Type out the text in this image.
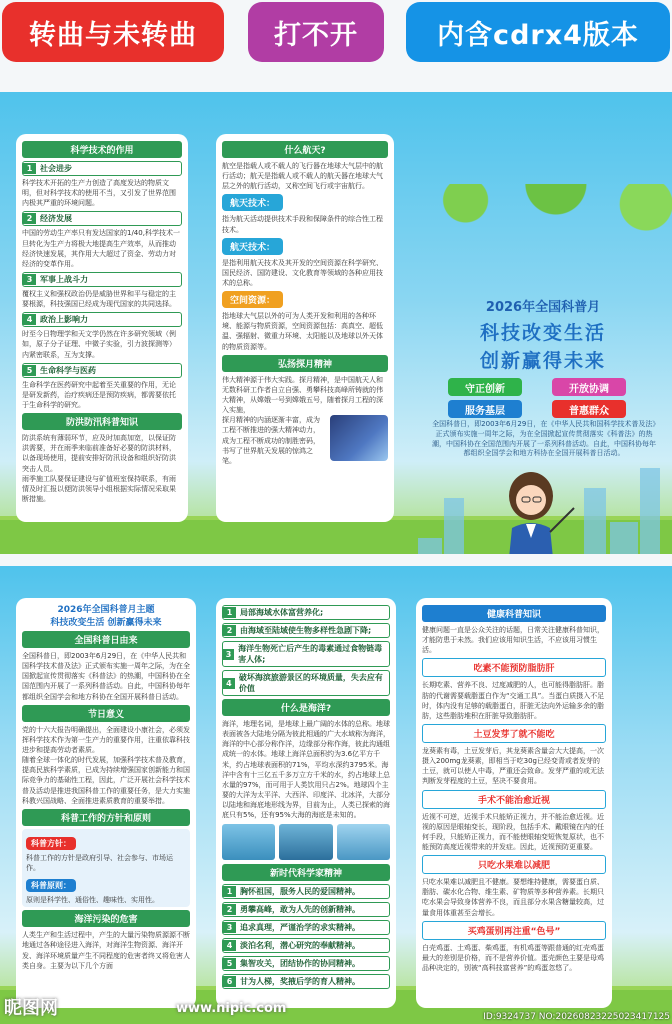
转曲与未转曲	打不开	内含cdrx4版本
科学技术的作用
1 社会进步
科学技术开拓的生产力创造了高度发达的物质文明，但对科学技术的使用不当，又引发了世界范围内极其严重的环境问题。
2 经济发展
中国的劳动生产率只有发达国家的1/40,科学技术一旦转化为生产力将极大地提高生产效率，从而推动经济快速发展，其作用大大超过了资金、劳动力对经济的变革作用。
3 军事上战斗力
覆权主义和强权政治仍是威胁世界和平与稳定的主要根源，科技强国已经成为现代国家的共同选择。
4 政治上影响力
时至今日物理学和天文学仍然在许多研究领域（例如，原子分子证理、中微子实验，引力波探测等）内紧密联系，互为支撑。
5 生命科学与医药
生命科学在医药研究中起着至关重要的作用，无论是研发新药，治疗疾病还是预防疾病，都需要依托于生命科学的研究。
防洪防汛科普知识
防洪系统有薄弱环节，应及时加高加宽，以保证防洪需要，并在雨季来临前准备好必要的防洪材料，以备现场使用，提前安排好防汛设备和组织好防洪突击人员。
雨季施工队要保证建设与矿值班室保持联系，有雨情及时汇报以便防洪领导小组根据实际情况采取果断措施。
什么航天?
航空是指载人或不载人的飞行器在地球大气层中的航行活动；航天是指载人或不载人的航天器在地球大气层之外的航行活动，又称空间飞行或宇宙航行。
航天技术：
指为航天活动提供技术手段和保障条件的综合性工程技术。
航天技术：
是指利用航天技术及其开发的空间资源在科学研究、国民经济、国防建设、文化教育等领域的各种应用技术的总称。
空间资源：
指地球大气层以外的可为人类开发和利用的各种环境、能源与物质资源，空间资源包括：高真空、超低温、强辐射、微重力环境、太阳能以及地球以外天体的物质资源等。
弘扬探月精神
伟大精神源于伟大实践。探月精神，是中国航天人和无数科研工作者自立自强、勇攀科技高峰所铸就的伟大精神，从嫦娥一号到嫦娥五号，随着探月工程的深入实施，
探月精神的内涵逐渐丰富，成为工程不断推进的强大精神动力，成为工程不断成功的制胜密码，书写了世界航天发展的惊鸿之笔。
2026年全国科普月
科技改变生活
创新赢得未来
守正创新	开放协调
服务基层	普惠群众
全国科普日，即2003年6月29日，在《中华人民共和国科学技术普及法》正式颁布实施一周年之际，为在全国掀起宣传贯彻落实《科普法》的热潮，中国科协在全国范围内开展了一系列科普活动。自此，中国科协每年都组织全国学会和地方科协在全国开展科普日活动。
2026年全国科普月主题
科技改变生活 创新赢得未来
全国科普日由来
全国科普日，即2003年6月29日，在《中华人民共和国科学技术普及法》正式颁布实施一周年之际，为在全国掀起宣传贯彻落实《科普法》的热潮，中国科协在全国范围内开展了一系列科普活动。自此，中国科协每年都组织全国学会和地方科协在全国开展科普日活动。
节日意义
党的十六大报告明确提出，全面建设小康社会，必须发挥科学技术作为第一生产力的重要作用，注重依靠科技进步和提高劳动者素质。
随着全球一体化的时代发展，加强科学技术普及教育，提高民族科学素质，已成为持续增强国家创新能力和国际竞争力的基础性工程，因此，广泛开展社会科学技术普及活动是推进我国科普工作的重要任务，是大力实施科教兴国战略、全面推进素质教育的重要举措。
科普工作的方针和原则
科普方针：
科普工作的方针是政府引导、社会参与、市场运作。
科普原则：
原则是科学性、通俗性、趣味性、实用性。
海洋污染的危害
人类生产和生活过程中，产生的大量污染物质源源不断地通过各种途径进入海洋，对海洋生物资源、海洋开发、海洋环境质量产生不同程度的危害者终又将危害人类自身。主要为以下几个方面
1 局部海域水体富营养化;
2 由海域至陆域使生物多样性急剧下降;
3
海洋生物死亡后产生的毒素通过食物链毒害人体;
4
破坏海滨旅游景区的环境质量，失去应有价值
什么是海洋?
海洋，地理名词，是地球上最广阔的水体的总称。地球表面被各大陆地分隔为彼此相通的广大水域称为海洋，海洋的中心部分称作洋，边缘部分称作海，彼此沟通组成统一的水体。地球上海洋总面积约为3.6亿平方千米，约占地球表面积的71%，平均水深约3795米。海洋中含有十三亿五千多万立方千米的水，约占地球上总水量的97%，而可用于人类饮用只占2%。地球四个主要的大洋为太平洋、大西洋、印度洋、北冰洋，大部分以陆地和海底地形线为界，目前为止，人类已探索的海底只有5%，还有95%大海的海底是未知的。
新时代科学家精神
1 胸怀祖国，服务人民的爱国精神。
2 勇攀高峰，敢为人先的创新精神。
3 追求真理，严谨治学的求实精神。
4 淡泊名利，潜心研究的奉献精神。
5 集智攻关，团结协作的协同精神。
6 甘为人梯，奖掖后学的育人精神。
健康科普知识
健康问题一直是公众关注的话题，日常关注健康科普知识，才能防患于未然。我们应该用知识生活，不应该用习惯生活。
吃素不能预防脂肪肝
长期吃素、营养不良、过度减肥的人，也可能得脂肪肝。脂肪的代谢需要载脂蛋白作为“交通工具”。当蛋白质摄入不足时，体内没有足够的载脂蛋白，肝脏无法向外运输多余的脂肪，这些脂肪堆积在肝脏导致脂肪肝。
土豆发芽了就不能吃
龙葵素有毒，土豆发芽后，其龙葵素含量会大大提高，一次摄入200mg龙葵素，即相当于吃30g已经变青或者发芽的土豆，就可以使人中毒，严重还会致命。发芽严重的或无法判断发芽程度的土豆，坚决不要食用。
手术不能治愈近视
近视不可逆，近视手术只能矫正视力，并不能治愈近视。近视的原因是眼轴变长，现阶段，包括手术、戴眼镜在内的任何手段，只能矫正视力，而不能使眼轴变短恢复原状，也不能预防高度近视带来的并发症。因此，近视预防更重要。
只吃水果难以减肥
只吃水果难以减肥且不健康。要想维持健康，需要蛋白质、脂肪、碳水化合物、维生素、矿物质等多种营养素。长期只吃水果会导致身体营养不良，而且部分水果含糖量较高，过量食用体重甚至会增长。
买鸡蛋别再注重“色号”
白壳鸡蛋、土鸡蛋、柴鸡蛋，有机鸡蛋等跟普通的红壳鸡蛋最大的差别是价格，而不是营养价值。蛋壳颜色主要是母鸡品种决定的，别被“高科技富营养”的鸡蛋忽悠了。
昵图网	www.nipic.com
ID:9324737 NO:20260823225023417125
